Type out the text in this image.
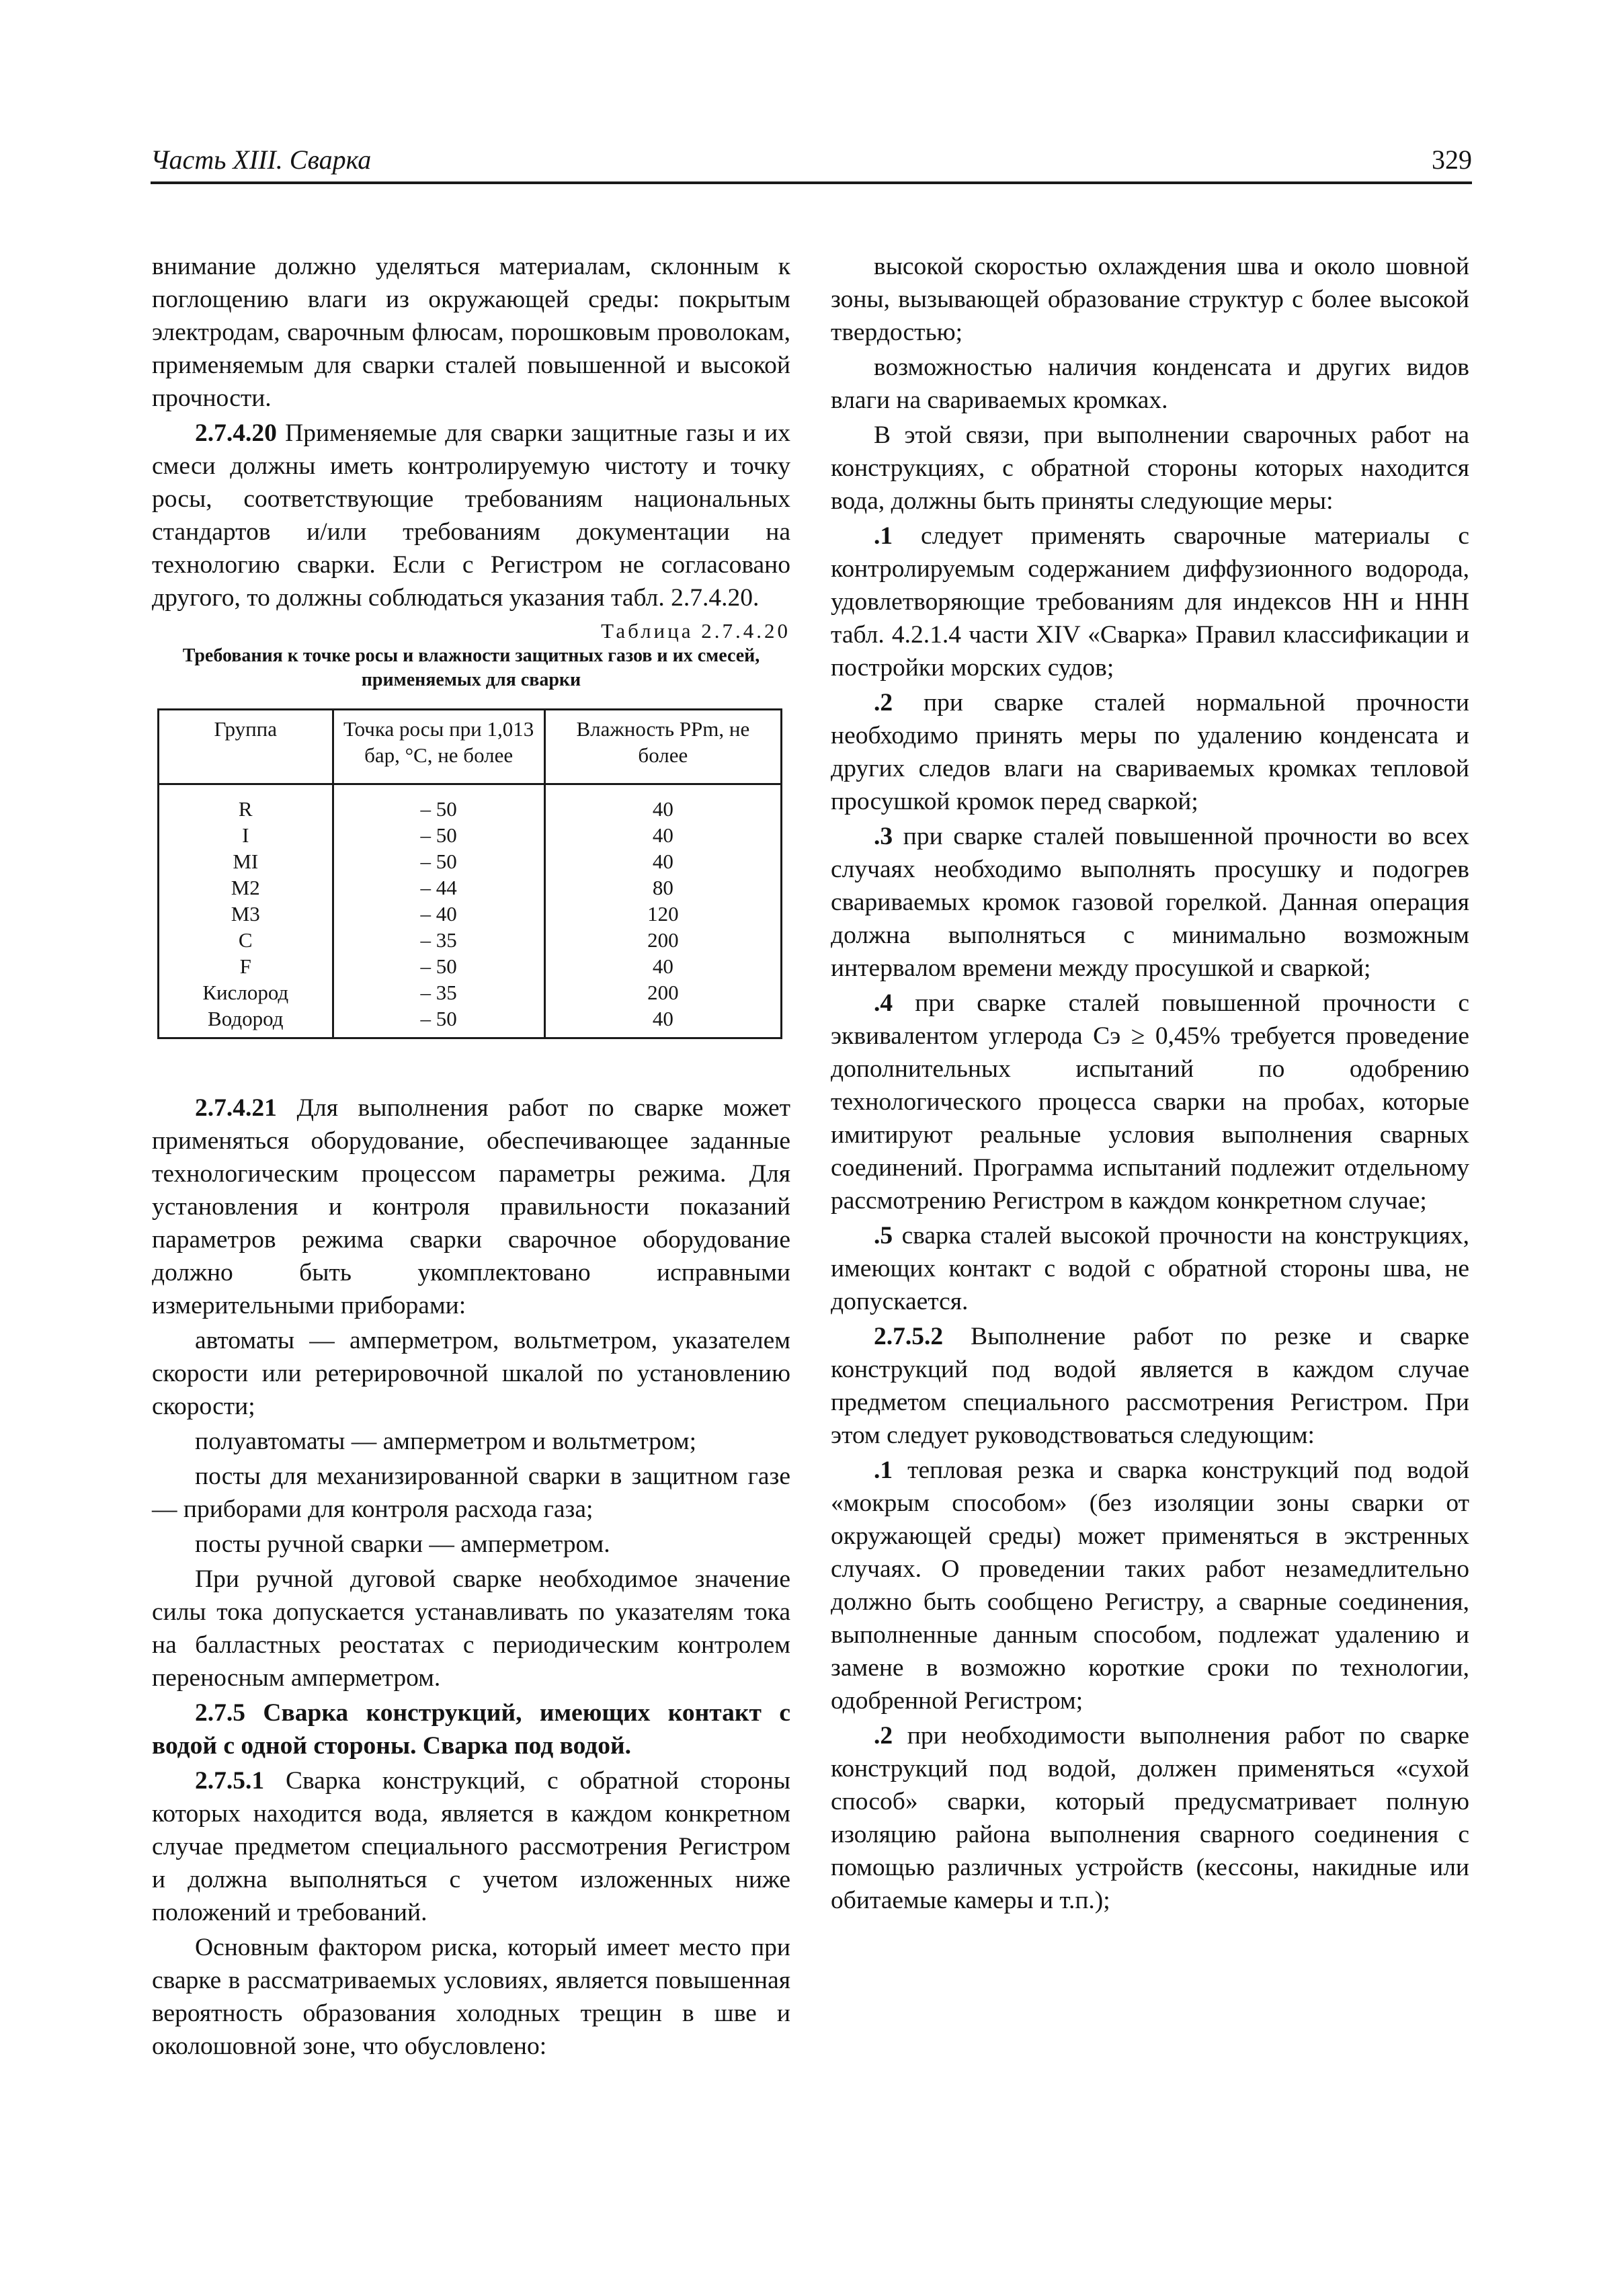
Часть XIII. Сварка	329

внимание должно уделяться материалам, склонным к поглощению влаги из окружающей среды: покрытым электродам, сварочным флюсам, порошковым проволокам, применяемым для сварки сталей повышенной и высокой прочности.

2.7.4.20 Применяемые для сварки защитные газы и их смеси должны иметь контролируемую чистоту и точку росы, соответствующие требованиям национальных стандартов и/или требованиям документации на технологию сварки. Если с Регистром не согласовано другого, то должны соблюдаться указания табл. 2.7.4.20.

Таблица 2.7.4.20
Требования к точке росы и влажности защитных газов и их смесей, применяемых для сварки
Группа	Точка росы при 1,013 бар, °С, не более	Влажность PPm, не более
R	– 50	40
I	– 50	40
MI	– 50	40
M2	– 44	80
M3	– 40	120
C	– 35	200
F	– 50	40
Кислород	– 35	200
Водород	– 50	40

2.7.4.21 Для выполнения работ по сварке может применяться оборудование, обеспечивающее заданные технологическим процессом параметры режима. Для установления и контроля правильности показаний параметров режима сварки сварочное оборудование должно быть укомплектовано исправными измерительными приборами:

автоматы — амперметром, вольтметром, указателем скорости или ретерировочной шкалой по установлению скорости;

полуавтоматы — амперметром и вольтметром;

посты для механизированной сварки в защитном газе — приборами для контроля расхода газа;

посты ручной сварки — амперметром.

При ручной дуговой сварке необходимое значение силы тока допускается устанавливать по указателям тока на балластных реостатах с периодическим контролем переносным амперметром.

2.7.5 Сварка конструкций, имеющих контакт с водой с одной стороны. Сварка под водой.

2.7.5.1 Сварка конструкций, с обратной стороны которых находится вода, является в каждом конкретном случае предметом специального рассмотрения Регистром и должна выполняться с учетом изложенных ниже положений и требований.

Основным фактором риска, который имеет место при сварке в рассматриваемых условиях, является повышенная вероятность образования холодных трещин в шве и околошовной зоне, что обусловлено:

высокой скоростью охлаждения шва и около шовной зоны, вызывающей образование структур с более высокой твердостью;

возможностью наличия конденсата и других видов влаги на свариваемых кромках.

В этой связи, при выполнении сварочных работ на конструкциях, с обратной стороны которых находится вода, должны быть приняты следующие меры:

.1 следует применять сварочные материалы с контролируемым содержанием диффузионного водорода, удовлетворяющие требованиям для индексов НН и ННН табл. 4.2.1.4 части XIV «Сварка» Правил классификации и постройки морских судов;

.2 при сварке сталей нормальной прочности необходимо принять меры по удалению конденсата и других следов влаги на свариваемых кромках тепловой просушкой кромок перед сваркой;

.3 при сварке сталей повышенной прочности во всех случаях необходимо выполнять просушку и подогрев свариваемых кромок газовой горелкой. Данная операция должна выполняться с минимально возможным интервалом времени между просушкой и сваркой;

.4 при сварке сталей повышенной прочности с эквивалентом углерода Cэ ≥ 0,45% требуется проведение дополнительных испытаний по одобрению технологического процесса сварки на пробах, которые имитируют реальные условия выполнения сварных соединений. Программа испытаний подлежит отдельному рассмотрению Регистром в каждом конкретном случае;

.5 сварка сталей высокой прочности на конструкциях, имеющих контакт с водой с обратной стороны шва, не допускается.

2.7.5.2 Выполнение работ по резке и сварке конструкций под водой является в каждом случае предметом специального рассмотрения Регистром. При этом следует руководствоваться следующим:

.1 тепловая резка и сварка конструкций под водой «мокрым способом» (без изоляции зоны сварки от окружающей среды) может применяться в экстренных случаях. О проведении таких работ незамедлительно должно быть сообщено Регистру, а сварные соединения, выполненные данным способом, подлежат удалению и замене в возможно короткие сроки по технологии, одобренной Регистром;

.2 при необходимости выполнения работ по сварке конструкций под водой, должен применяться «сухой способ» сварки, который предусматривает полную изоляцию района выполнения сварного соединения с помощью различных устройств (кессоны, накидные или обитаемые камеры и т.п.);
